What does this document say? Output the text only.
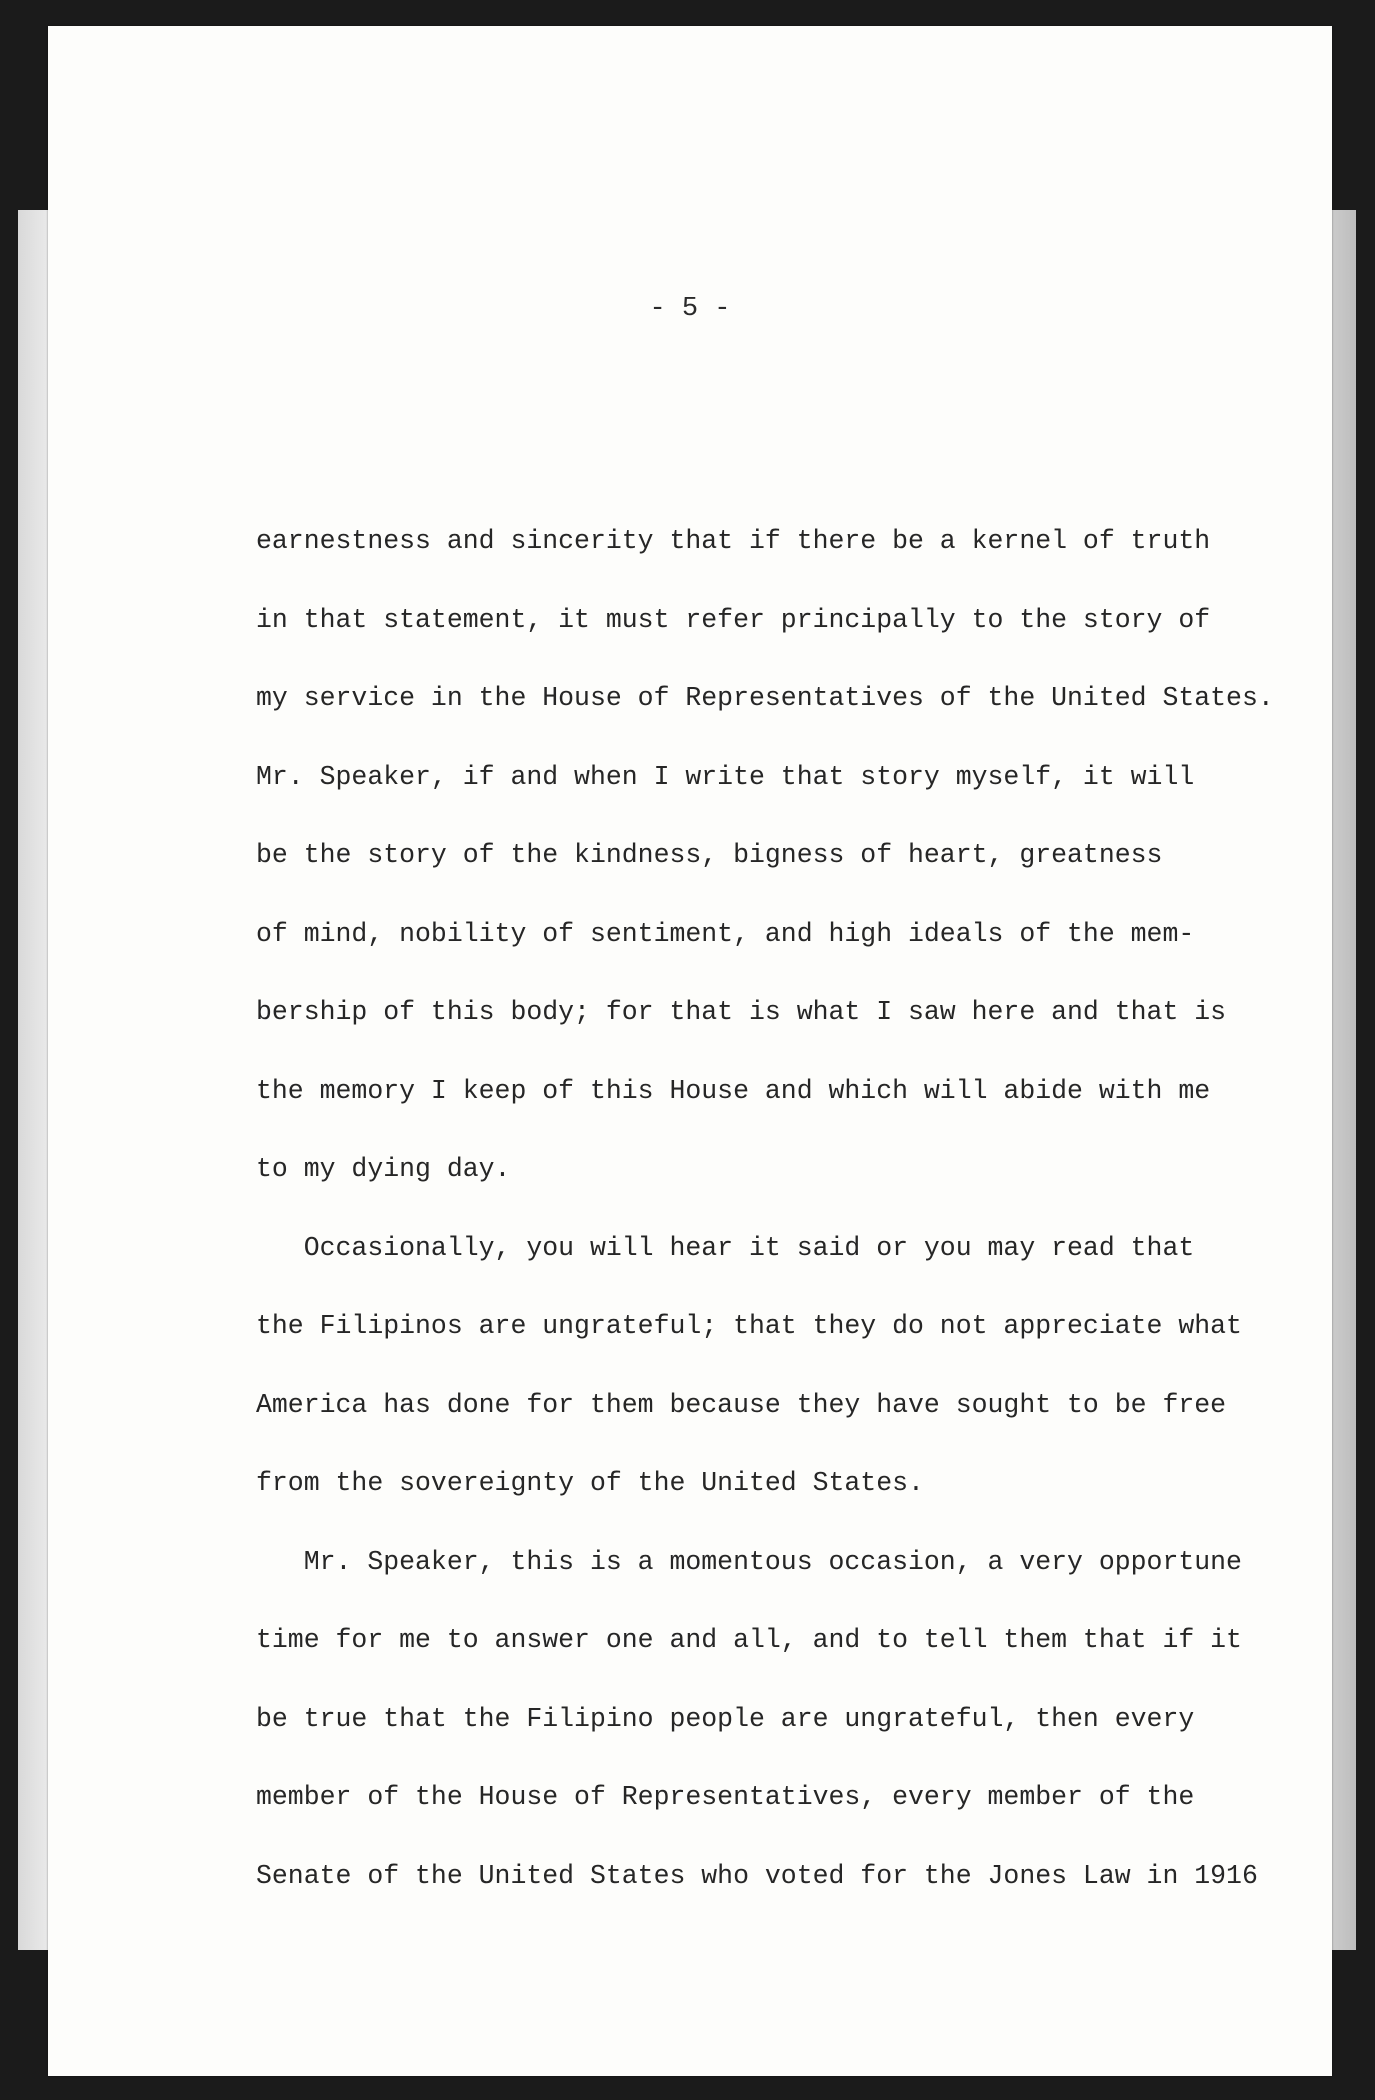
- 5 -
earnestness and sincerity that if there be a kernel of truth
in that statement, it must refer principally to the story of
my service in the House of Representatives of the United States.
Mr. Speaker, if and when I write that story myself, it will
be the story of the kindness, bigness of heart, greatness
of mind, nobility of sentiment, and high ideals of the mem-
bership of this body; for that is what I saw here and that is
the memory I keep of this House and which will abide with me
to my dying day.
Occasionally, you will hear it said or you may read that
the Filipinos are ungrateful; that they do not appreciate what
America has done for them because they have sought to be free
from the sovereignty of the United States.
Mr. Speaker, this is a momentous occasion, a very opportune
time for me to answer one and all, and to tell them that if it
be true that the Filipino people are ungrateful, then every
member of the House of Representatives, every member of the
Senate of the United States who voted for the Jones Law in 1916
